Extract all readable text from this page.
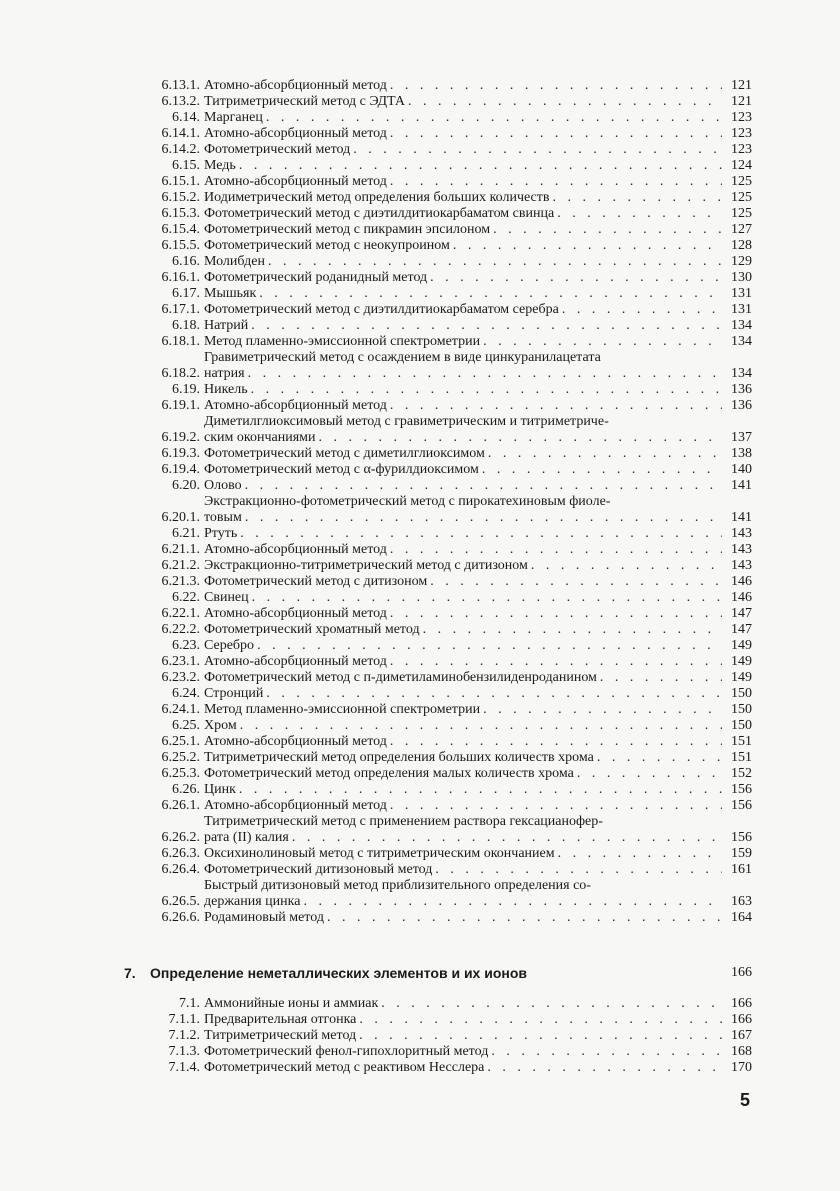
6.13.1. Атомно-абсорбционный метод . . .	121
6.13.2. Титриметрический метод с ЭДТА . . .	121
6.14. Марганец . . .	123
6.14.1. Атомно-абсорбционный метод . . .	123
6.14.2. Фотометрический метод . . .	123
6.15. Медь . . .	124
6.15.1. Атомно-абсорбционный метод . . .	125
6.15.2. Иодиметрический метод определения больших количеств . . .	125
6.15.3. Фотометрический метод с диэтилдитиокарбаматом свинца . . .	125
6.15.4. Фотометрический метод с пикрамин эпсилоном . . .	127
6.15.5. Фотометрический метод с неокупроином . . .	128
6.16. Молибден . . .	129
6.16.1. Фотометрический роданидный метод . . .	130
6.17. Мышьяк . . .	131
6.17.1. Фотометрический метод с диэтилдитиокарбаматом серебра . . .	131
6.18. Натрий . . .	134
6.18.1. Метод пламенно-эмиссионной спектрометрии . . .	134
6.18.2.
Гравиметрический метод с осаждением в виде цинкуранилацетата
натрия . . .	134
6.19. Никель . . .	136
6.19.1. Атомно-абсорбционный метод . . .	136
6.19.2.
Диметилглиоксимовый метод с гравиметрическим и титриметриче-
ским окончаниями . . .	137
6.19.3. Фотометрический метод с диметилглиоксимом . . .	138
6.19.4. Фотометрический метод с α-фурилдиоксимом . . .	140
6.20. Олово . . .	141
6.20.1.
Экстракционно-фотометрический метод с пирокатехиновым фиоле-
товым . . .	141
6.21. Ртуть . . .	143
6.21.1. Атомно-абсорбционный метод . . .	143
6.21.2. Экстракционно-титриметрический метод с дитизоном . . .	143
6.21.3. Фотометрический метод с дитизоном . . .	146
6.22. Свинец . . .	146
6.22.1. Атомно-абсорбционный метод . . .	147
6.22.2. Фотометрический хроматный метод . . .	147
6.23. Серебро . . .	149
6.23.1. Атомно-абсорбционный метод . . .	149
6.23.2. Фотометрический метод с п-диметиламинобензилиденроданином . . .	149
6.24. Стронций . . .	150
6.24.1. Метод пламенно-эмиссионной спектрометрии . . .	150
6.25. Хром . . .	150
6.25.1. Атомно-абсорбционный метод . . .	151
6.25.2. Титриметрический метод определения больших количеств хрома . . .	151
6.25.3. Фотометрический метод определения малых количеств хрома . . .	152
6.26. Цинк . . .	156
6.26.1. Атомно-абсорбционный метод . . .	156
6.26.2.
Титриметрический метод с применением раствора гексацианофер-
рата (II) калия . . .	156
6.26.3. Оксихинолиновый метод с титриметрическим окончанием . . .	159
6.26.4. Фотометрический дитизоновый метод . . .	161
6.26.5.
Быстрый дитизоновый метод приблизительного определения со-
держания цинка . . .	163
6.26.6. Родаминовый метод . . .	164
7.	Определение неметаллических элементов и их ионов	166
7.1. Аммонийные ионы и аммиак . . .	166
7.1.1. Предварительная отгонка . . .	166
7.1.2. Титриметрический метод . . .	167
7.1.3. Фотометрический фенол-гипохлоритный метод . . .	168
7.1.4. Фотометрический метод с реактивом Несслера . . .	170
5
